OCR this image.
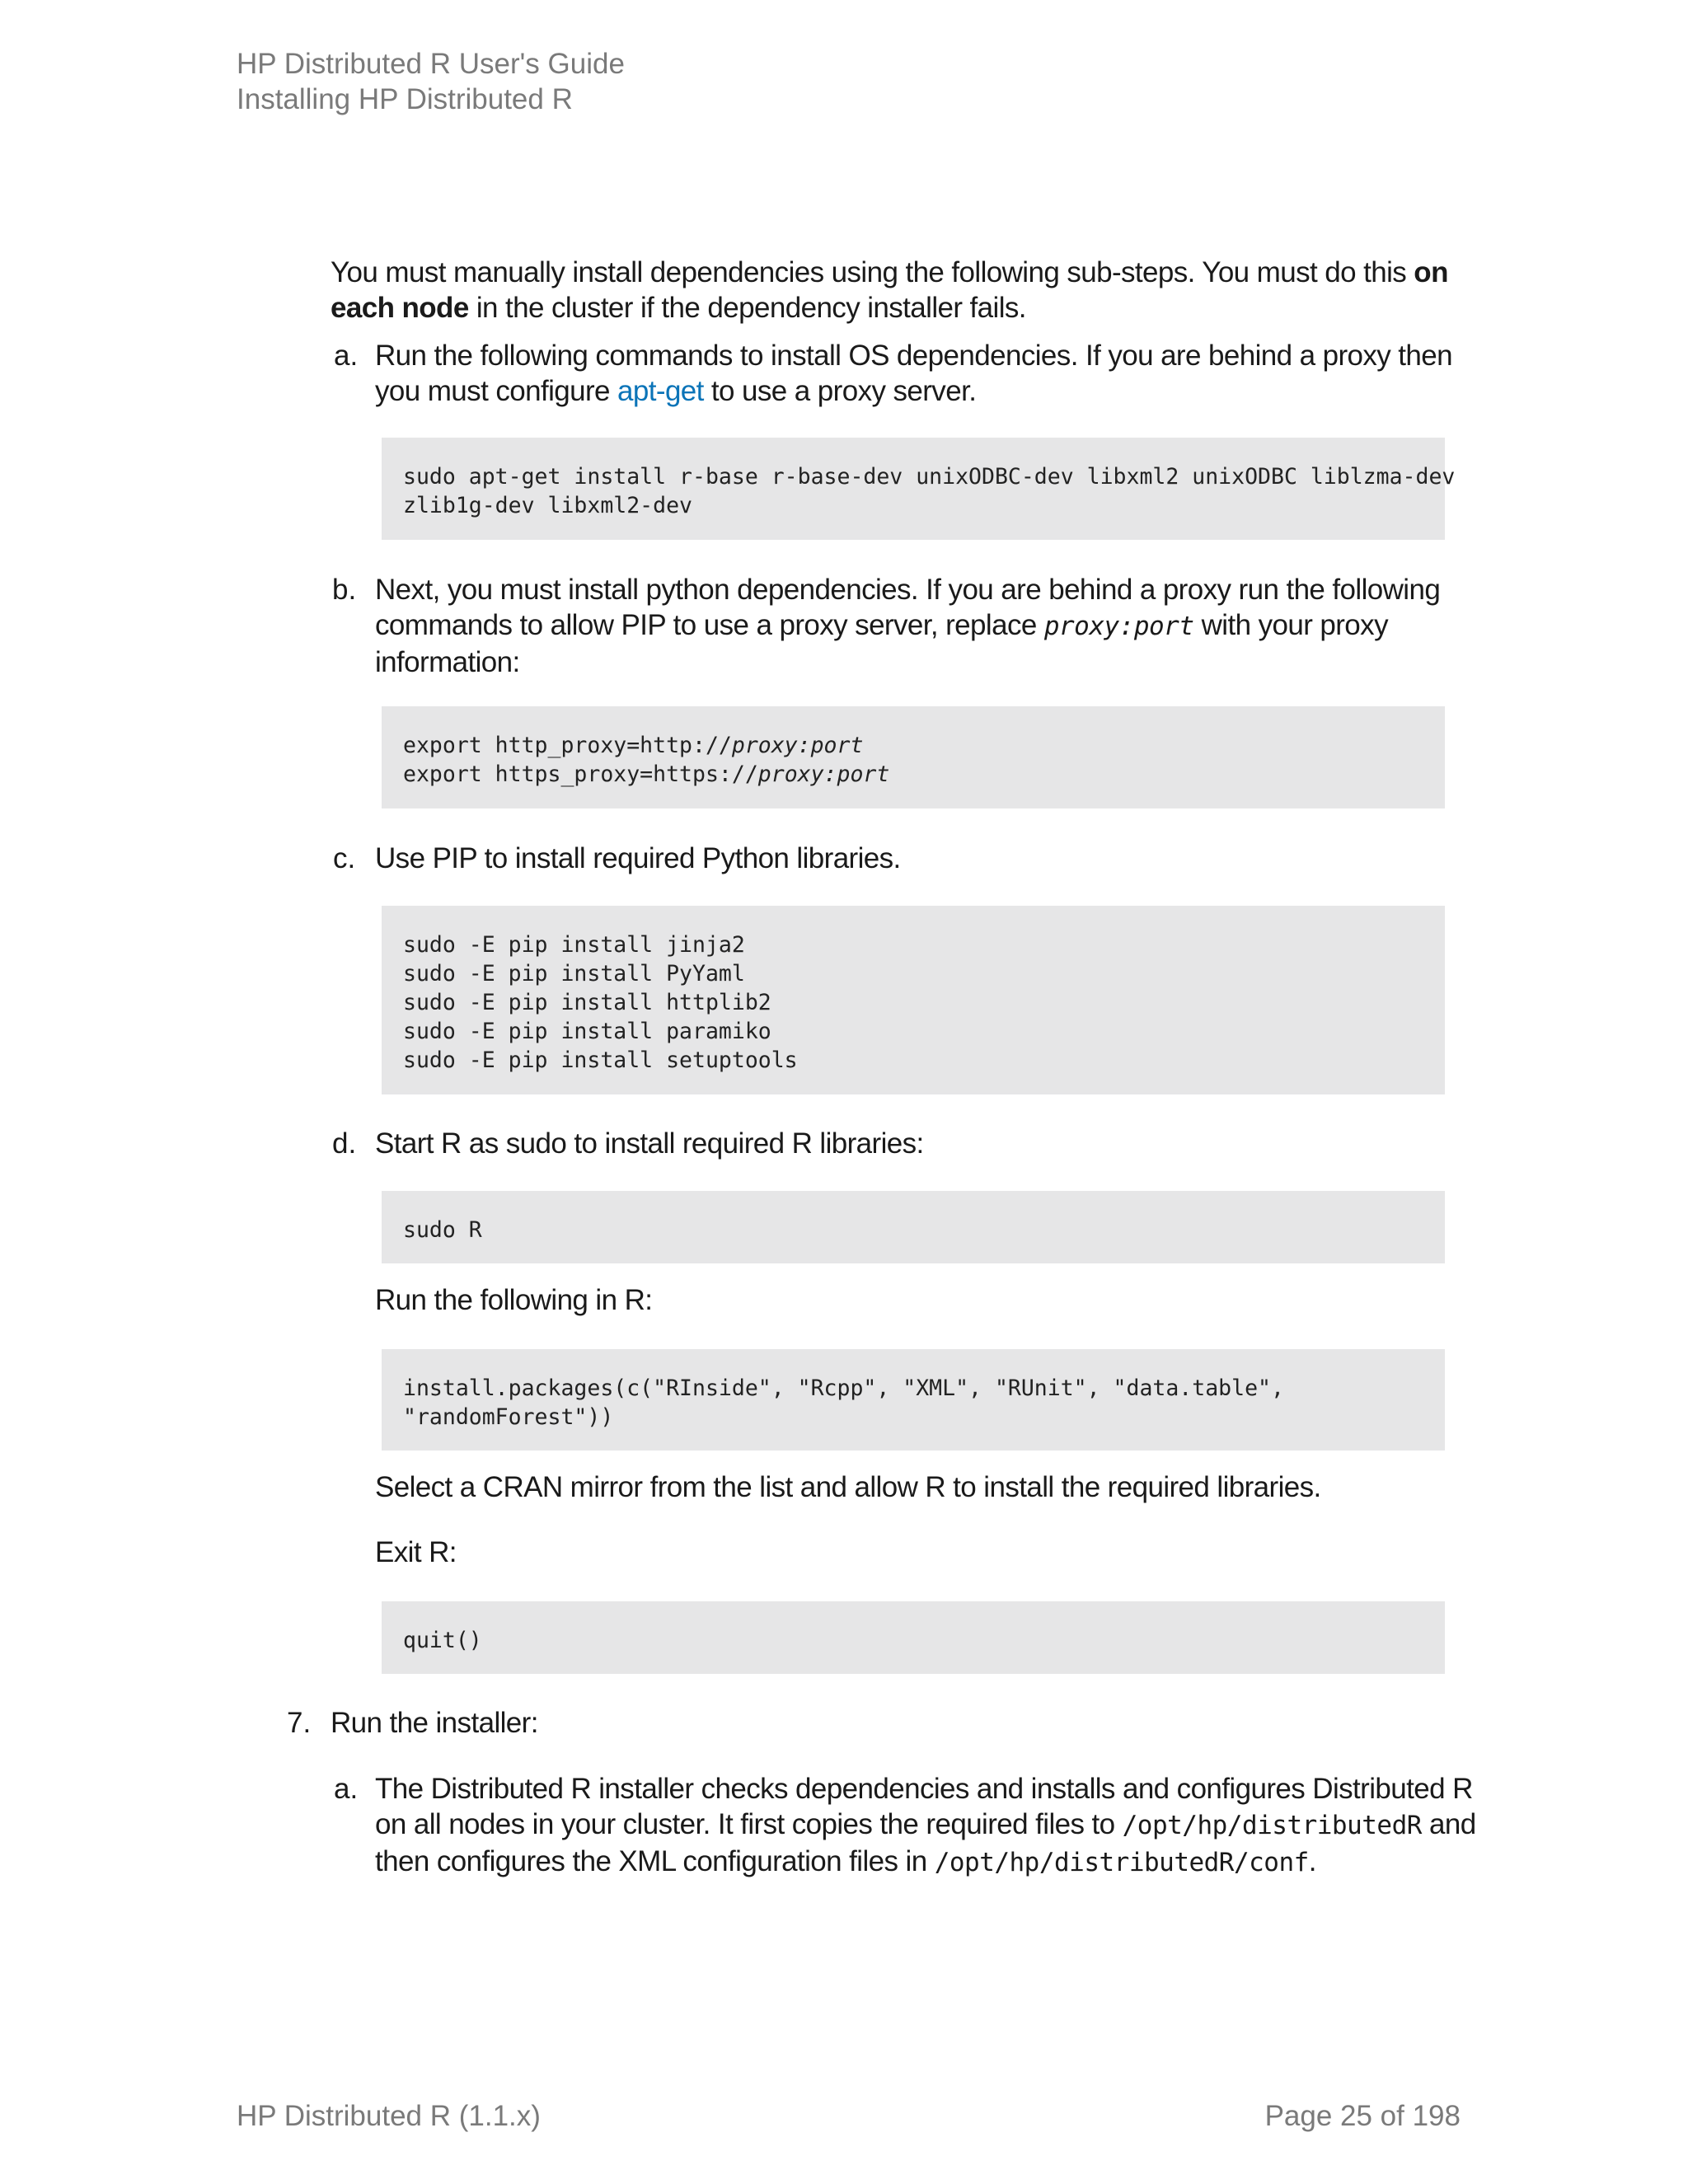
HP Distributed R User's Guide
Installing HP Distributed R
You must manually install dependencies using the following sub-steps. You must do this on
each node in the cluster if the dependency installer fails.
a. Run the following commands to install OS dependencies. If you are behind a proxy then
you must configure apt-get to use a proxy server.
sudo apt-get install r-base r-base-dev unixODBC-dev libxml2 unixODBC liblzma-dev
zlib1g-dev libxml2-dev
b. Next, you must install python dependencies. If you are behind a proxy run the following
commands to allow PIP to use a proxy server, replace proxy:port with your proxy
information:
export http_proxy=http://proxy:port
export https_proxy=https://proxy:port
c. Use PIP to install required Python libraries.
sudo -E pip install jinja2
sudo -E pip install PyYaml
sudo -E pip install httplib2
sudo -E pip install paramiko
sudo -E pip install setuptools
d. Start R as sudo to install required R libraries:
sudo R
Run the following in R:
install.packages(c("RInside", "Rcpp", "XML", "RUnit", "data.table",
"randomForest"))
Select a CRAN mirror from the list and allow R to install the required libraries.
Exit R:
quit()
7. Run the installer:
a. The Distributed R installer checks dependencies and installs and configures Distributed R
on all nodes in your cluster. It first copies the required files to /opt/hp/distributedR and
then configures the XML configuration files in /opt/hp/distributedR/conf.
HP Distributed R (1.1.x)	Page 25 of 198
